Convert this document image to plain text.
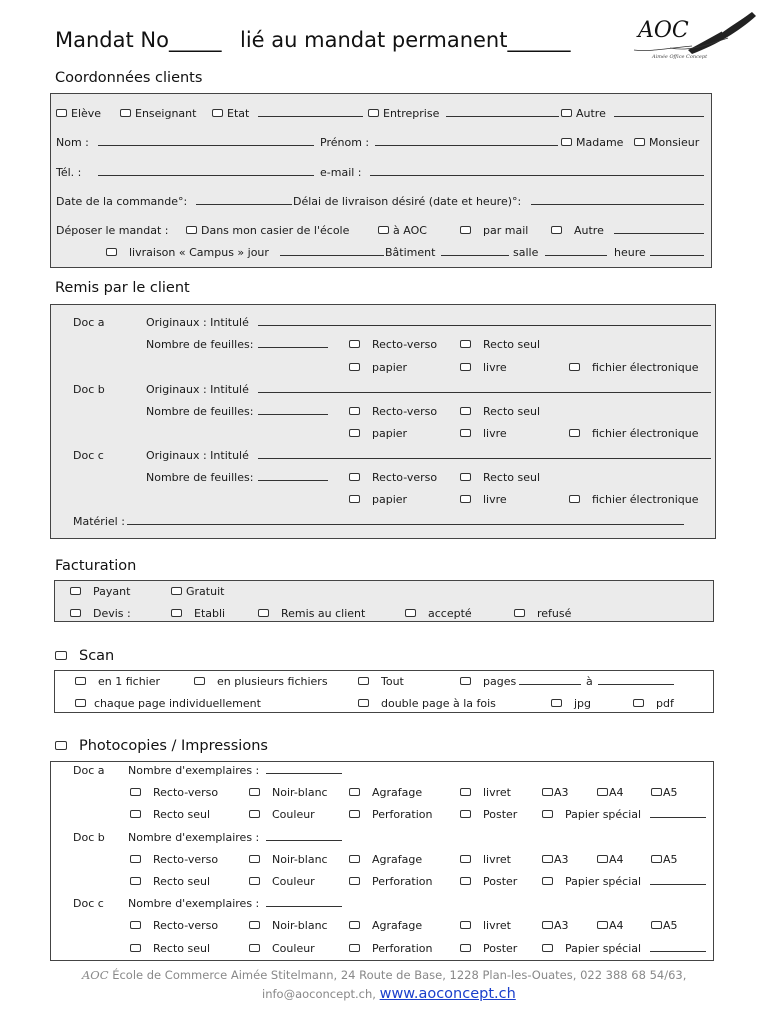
Mandat No_____ lié au mandat permanent______	AOC
Aimée Office Concept
Coordonnées clients
Elève	Enseignant	Etat	Entreprise	Autre
Nom :	Prénom :	Madame	Monsieur
Tél. :	e-mail :
Date de la commande°:	Délai de livraison désiré (date et heure)°:
Déposer le mandat :	Dans mon casier de l'école	à AOC	par mail	Autre
livraison « Campus » jour	Bâtiment	salle	heure
Remis par le client
Doc a	Originaux : Intitulé
Nombre de feuilles:	Recto-verso	Recto seul
papier	livre	fichier électronique
Doc b	Originaux : Intitulé
Nombre de feuilles:	Recto-verso	Recto seul
papier	livre	fichier électronique
Doc c	Originaux : Intitulé
Nombre de feuilles:	Recto-verso	Recto seul
papier	livre	fichier électronique
Matériel :
Facturation
Payant	Gratuit
Devis :	Etabli	Remis au client	accepté	refusé
Scan
en 1 fichier	en plusieurs fichiers	Tout	pages	à
chaque page individuellement	double page à la fois	jpg	pdf
Photocopies / Impressions
Doc a Nombre d'exemplaires :
Recto-verso	Noir-blanc	Agrafage	livret	A3	A4	A5
Recto seul	Couleur	Perforation	Poster	Papier spécial
Doc b Nombre d'exemplaires :
Recto-verso	Noir-blanc	Agrafage	livret	A3	A4	A5
Recto seul	Couleur	Perforation	Poster	Papier spécial
Doc c Nombre d'exemplaires :
Recto-verso	Noir-blanc	Agrafage	livret	A3	A4	A5
Recto seul	Couleur	Perforation	Poster	Papier spécial
AOC École de Commerce Aimée Stitelmann, 24 Route de Base, 1228 Plan-les-Ouates, 022 388 68 54/63,
info@aoconcept.ch, www.aoconcept.ch
